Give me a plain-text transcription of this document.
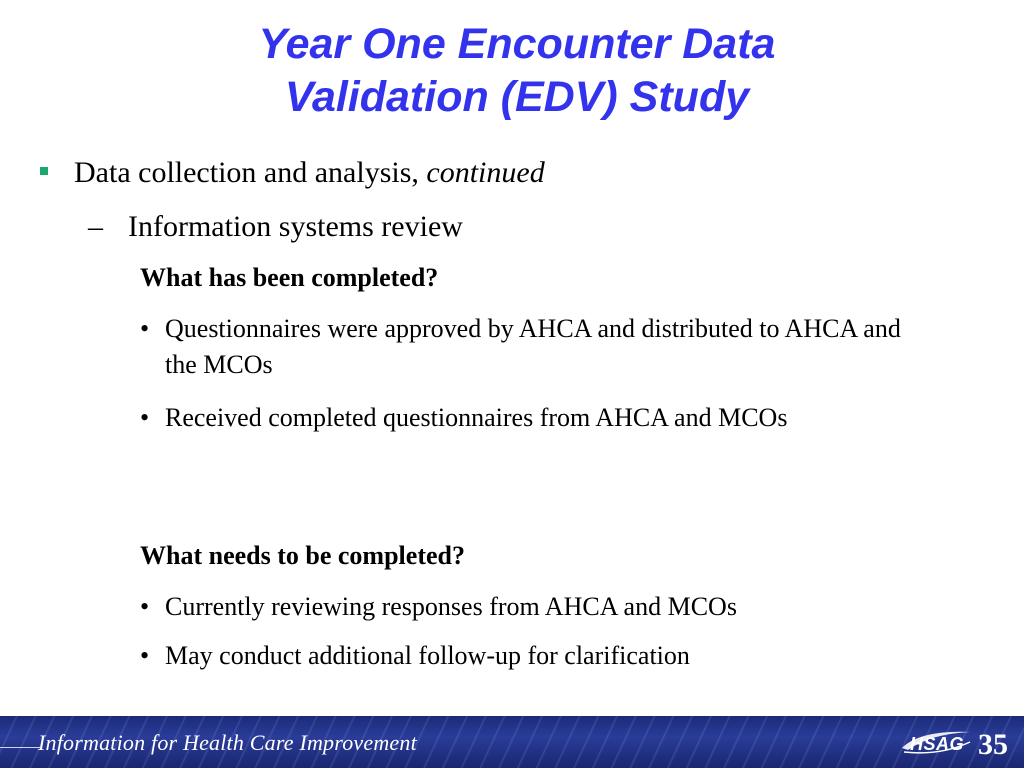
Year One Encounter Data
Validation (EDV) Study
Data collection and analysis, continued
– Information systems review
What has been completed?
• Questionnaires were approved by AHCA and distributed to AHCA and the MCOs
• Received completed questionnaires from AHCA and MCOs
What needs to be completed?
• Currently reviewing responses from AHCA and MCOs
• May conduct additional follow-up for clarification
Information for Health Care Improvement	HSAG 35
